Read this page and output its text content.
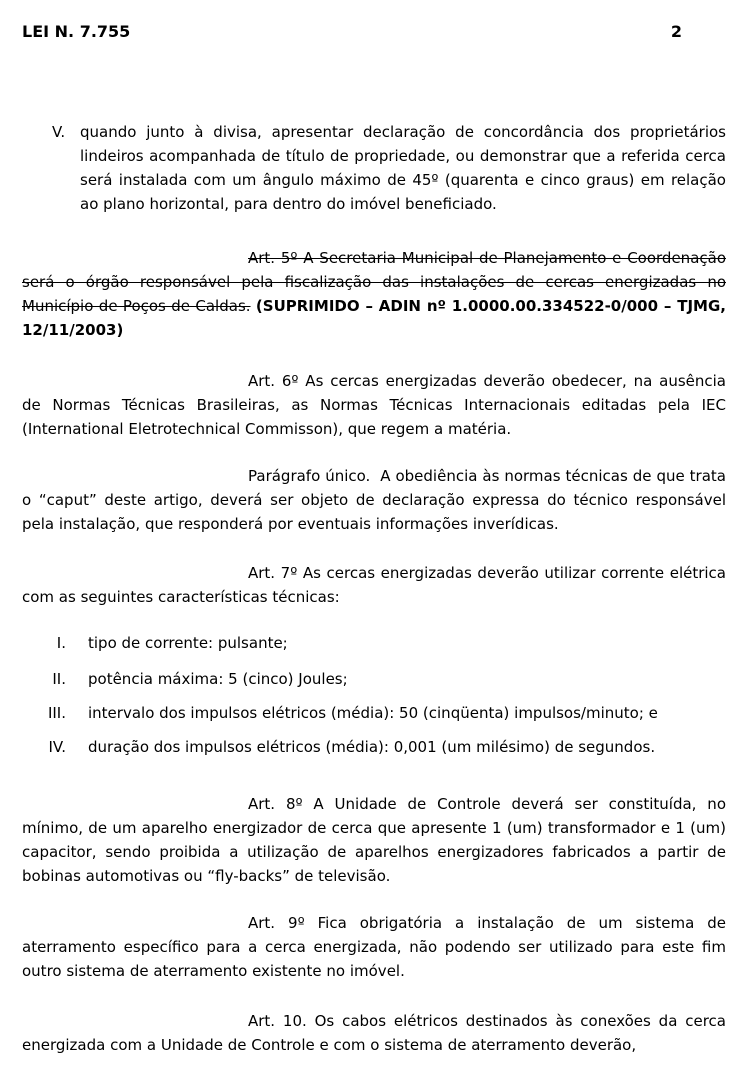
LEI N. 7.755	2
V. quando junto à divisa, apresentar declaração de concordância dos proprietários lindeiros acompanhada de título de propriedade, ou demonstrar que a referida cerca será instalada com um ângulo máximo de 45º (quarenta e cinco graus) em relação ao plano horizontal, para dentro do imóvel beneficiado.
Art. 5º A Secretaria Municipal de Planejamento e Coordenação será o órgão responsável pela fiscalização das instalações de cercas energizadas no Município de Poços de Caldas. (SUPRIMIDO – ADIN nº 1.0000.00.334522-0/000 – TJMG, 12/11/2003)
Art. 6º As cercas energizadas deverão obedecer, na ausência de Normas Técnicas Brasileiras, as Normas Técnicas Internacionais editadas pela IEC (International Eletrotechnical Commisson), que regem a matéria.
Parágrafo único. A obediência às normas técnicas de que trata o “caput” deste artigo, deverá ser objeto de declaração expressa do técnico responsável pela instalação, que responderá por eventuais informações inverídicas.
Art. 7º As cercas energizadas deverão utilizar corrente elétrica com as seguintes características técnicas:
I. tipo de corrente: pulsante;
II. potência máxima: 5 (cinco) Joules;
III. intervalo dos impulsos elétricos (média): 50 (cinqüenta) impulsos/minuto; e
IV. duração dos impulsos elétricos (média): 0,001 (um milésimo) de segundos.
Art. 8º A Unidade de Controle deverá ser constituída, no mínimo, de um aparelho energizador de cerca que apresente 1 (um) transformador e 1 (um) capacitor, sendo proibida a utilização de aparelhos energizadores fabricados a partir de bobinas automotivas ou “fly-backs” de televisão.
Art. 9º Fica obrigatória a instalação de um sistema de aterramento específico para a cerca energizada, não podendo ser utilizado para este fim outro sistema de aterramento existente no imóvel.
Art. 10. Os cabos elétricos destinados às conexões da cerca energizada com a Unidade de Controle e com o sistema de aterramento deverão,
